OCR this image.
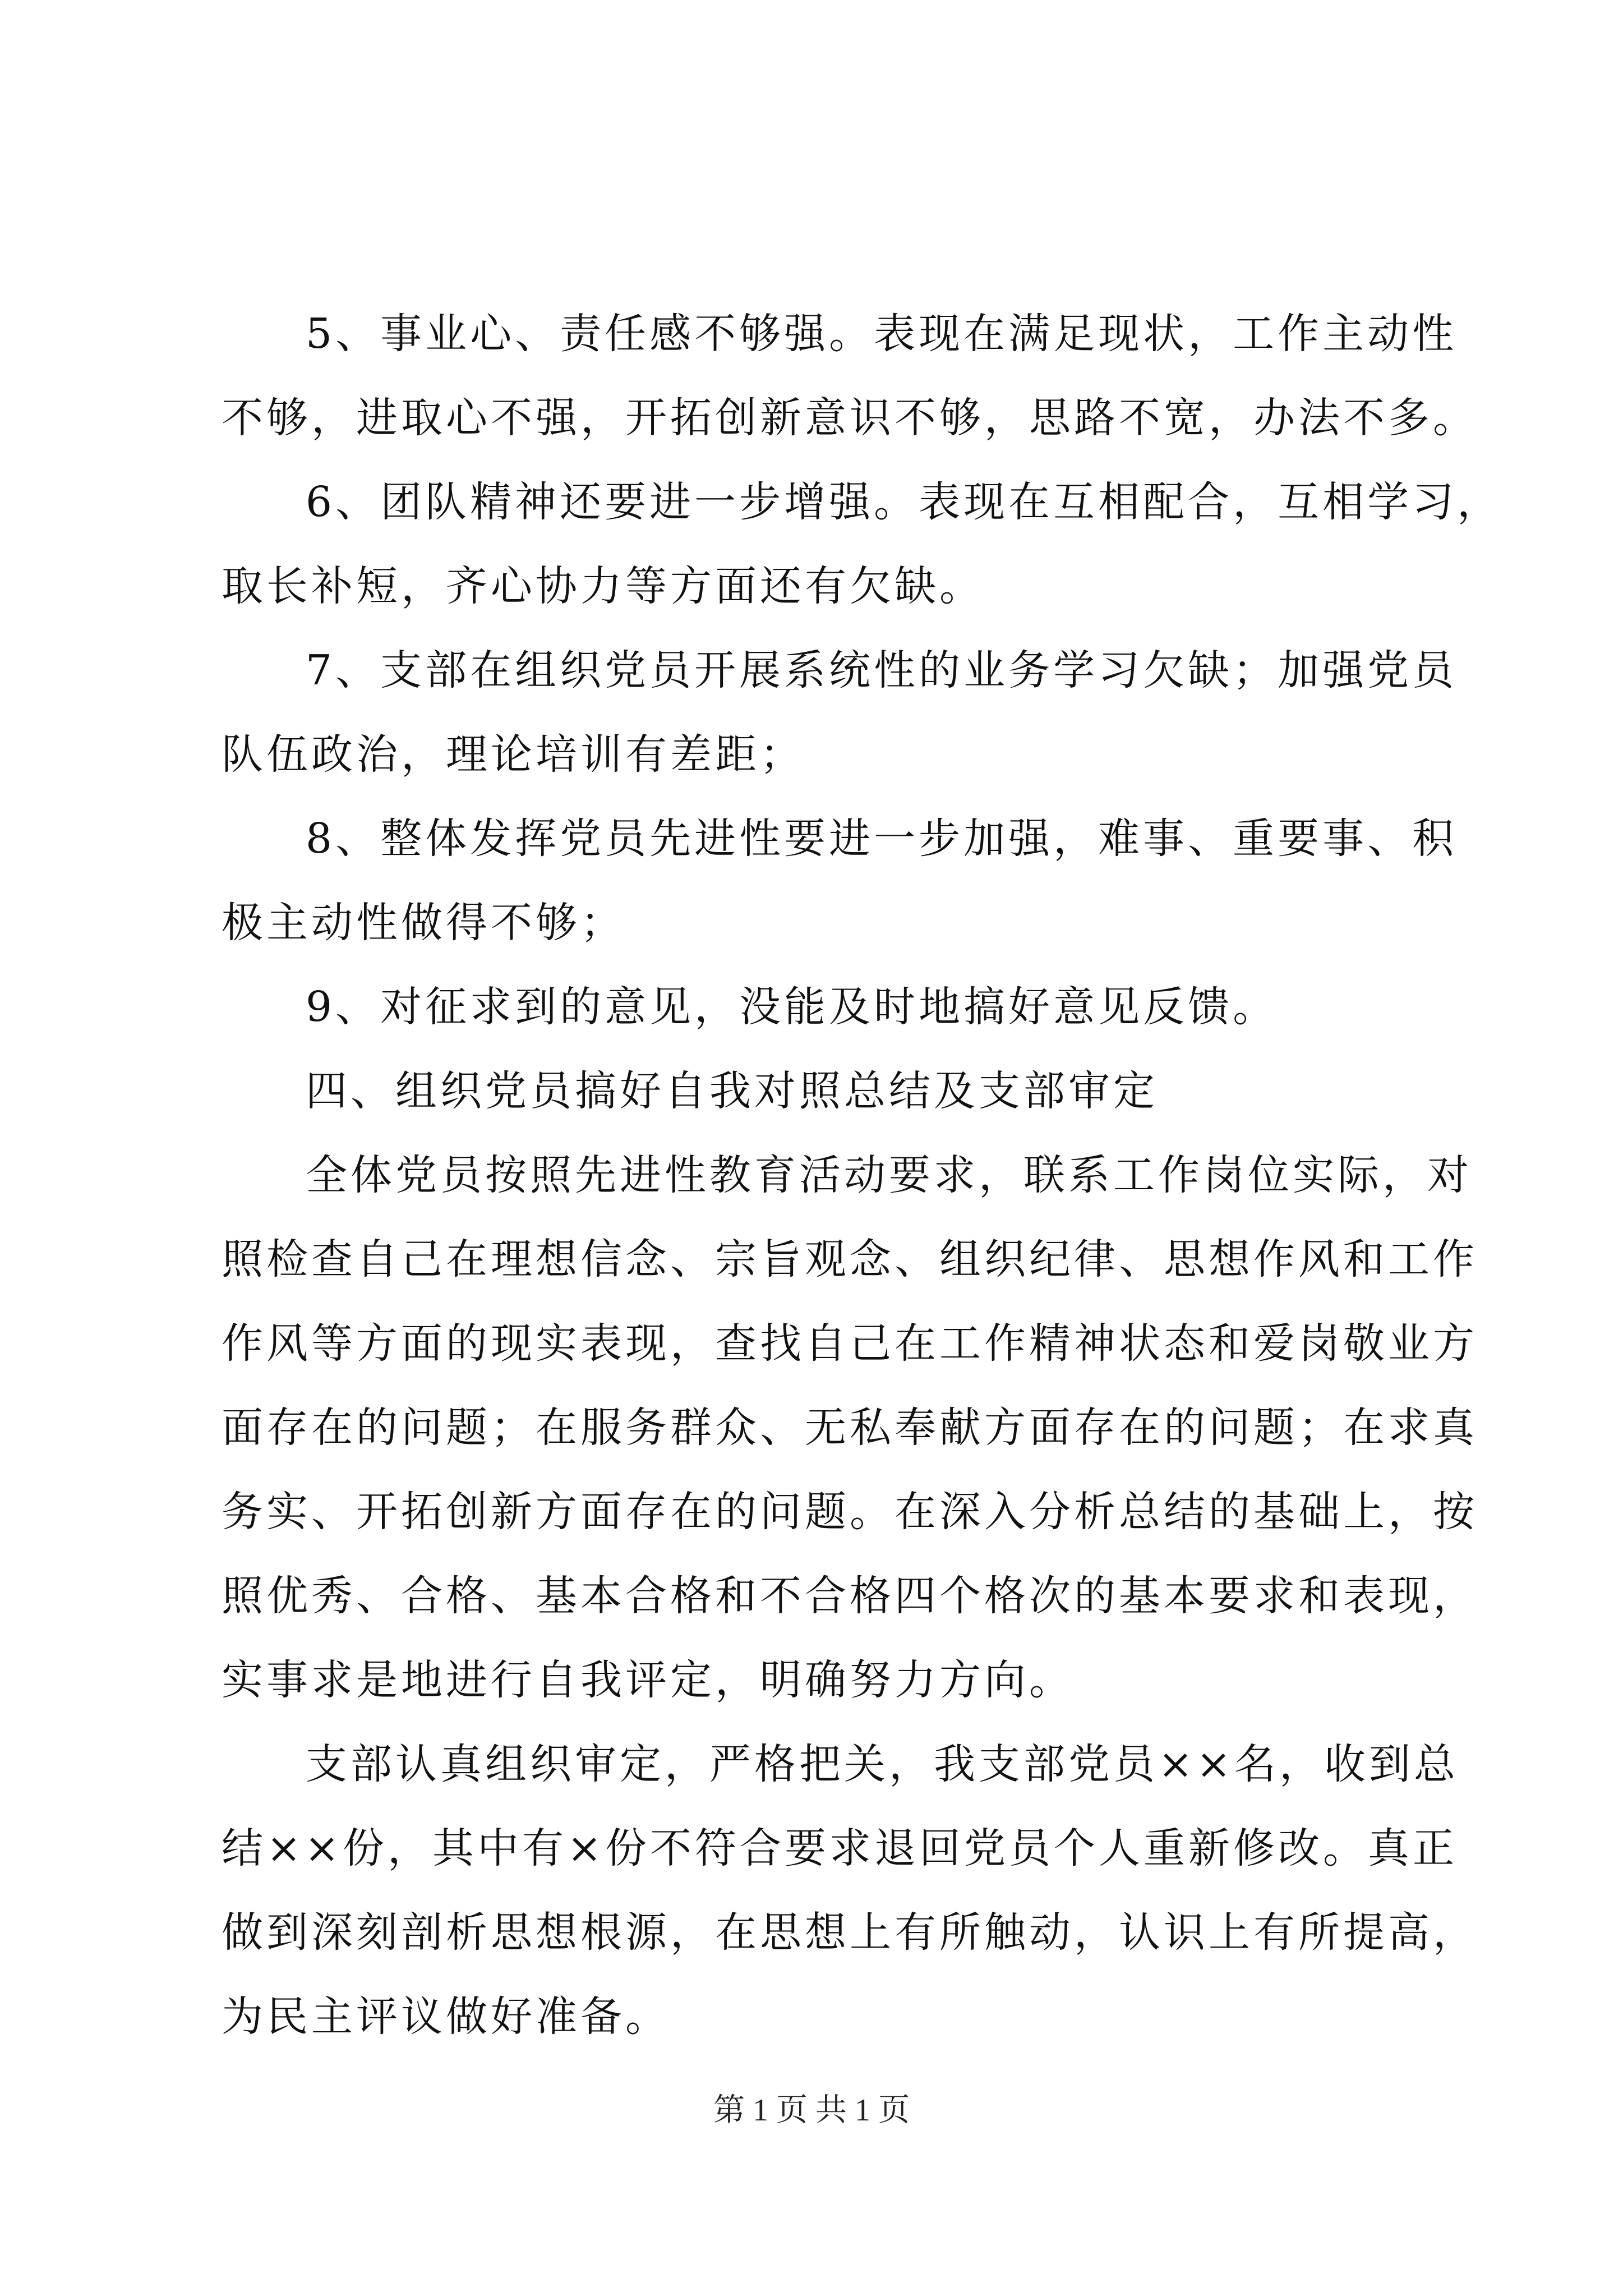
5、事业心、责任感不够强。表现在满足现状，工作主动性
不够，进取心不强，开拓创新意识不够，思路不宽，办法不多。
6、团队精神还要进一步增强。表现在互相配合，互相学习，
取长补短，齐心协力等方面还有欠缺。
7、支部在组织党员开展系统性的业务学习欠缺；加强党员
队伍政治，理论培训有差距；
8、整体发挥党员先进性要进一步加强，难事、重要事、积
极主动性做得不够；
9、对征求到的意见，没能及时地搞好意见反馈。
四、组织党员搞好自我对照总结及支部审定
全体党员按照先进性教育活动要求，联系工作岗位实际，对
照检查自己在理想信念、宗旨观念、组织纪律、思想作风和工作
作风等方面的现实表现，查找自己在工作精神状态和爱岗敬业方
面存在的问题；在服务群众、无私奉献方面存在的问题；在求真
务实、开拓创新方面存在的问题。在深入分析总结的基础上，按
照优秀、合格、基本合格和不合格四个格次的基本要求和表现，
实事求是地进行自我评定，明确努力方向。
支部认真组织审定，严格把关，我支部党员××名，收到总
结××份，其中有×份不符合要求退回党员个人重新修改。真正
做到深刻剖析思想根源，在思想上有所触动，认识上有所提高，
为民主评议做好准备。
第 1 页 共 1 页
